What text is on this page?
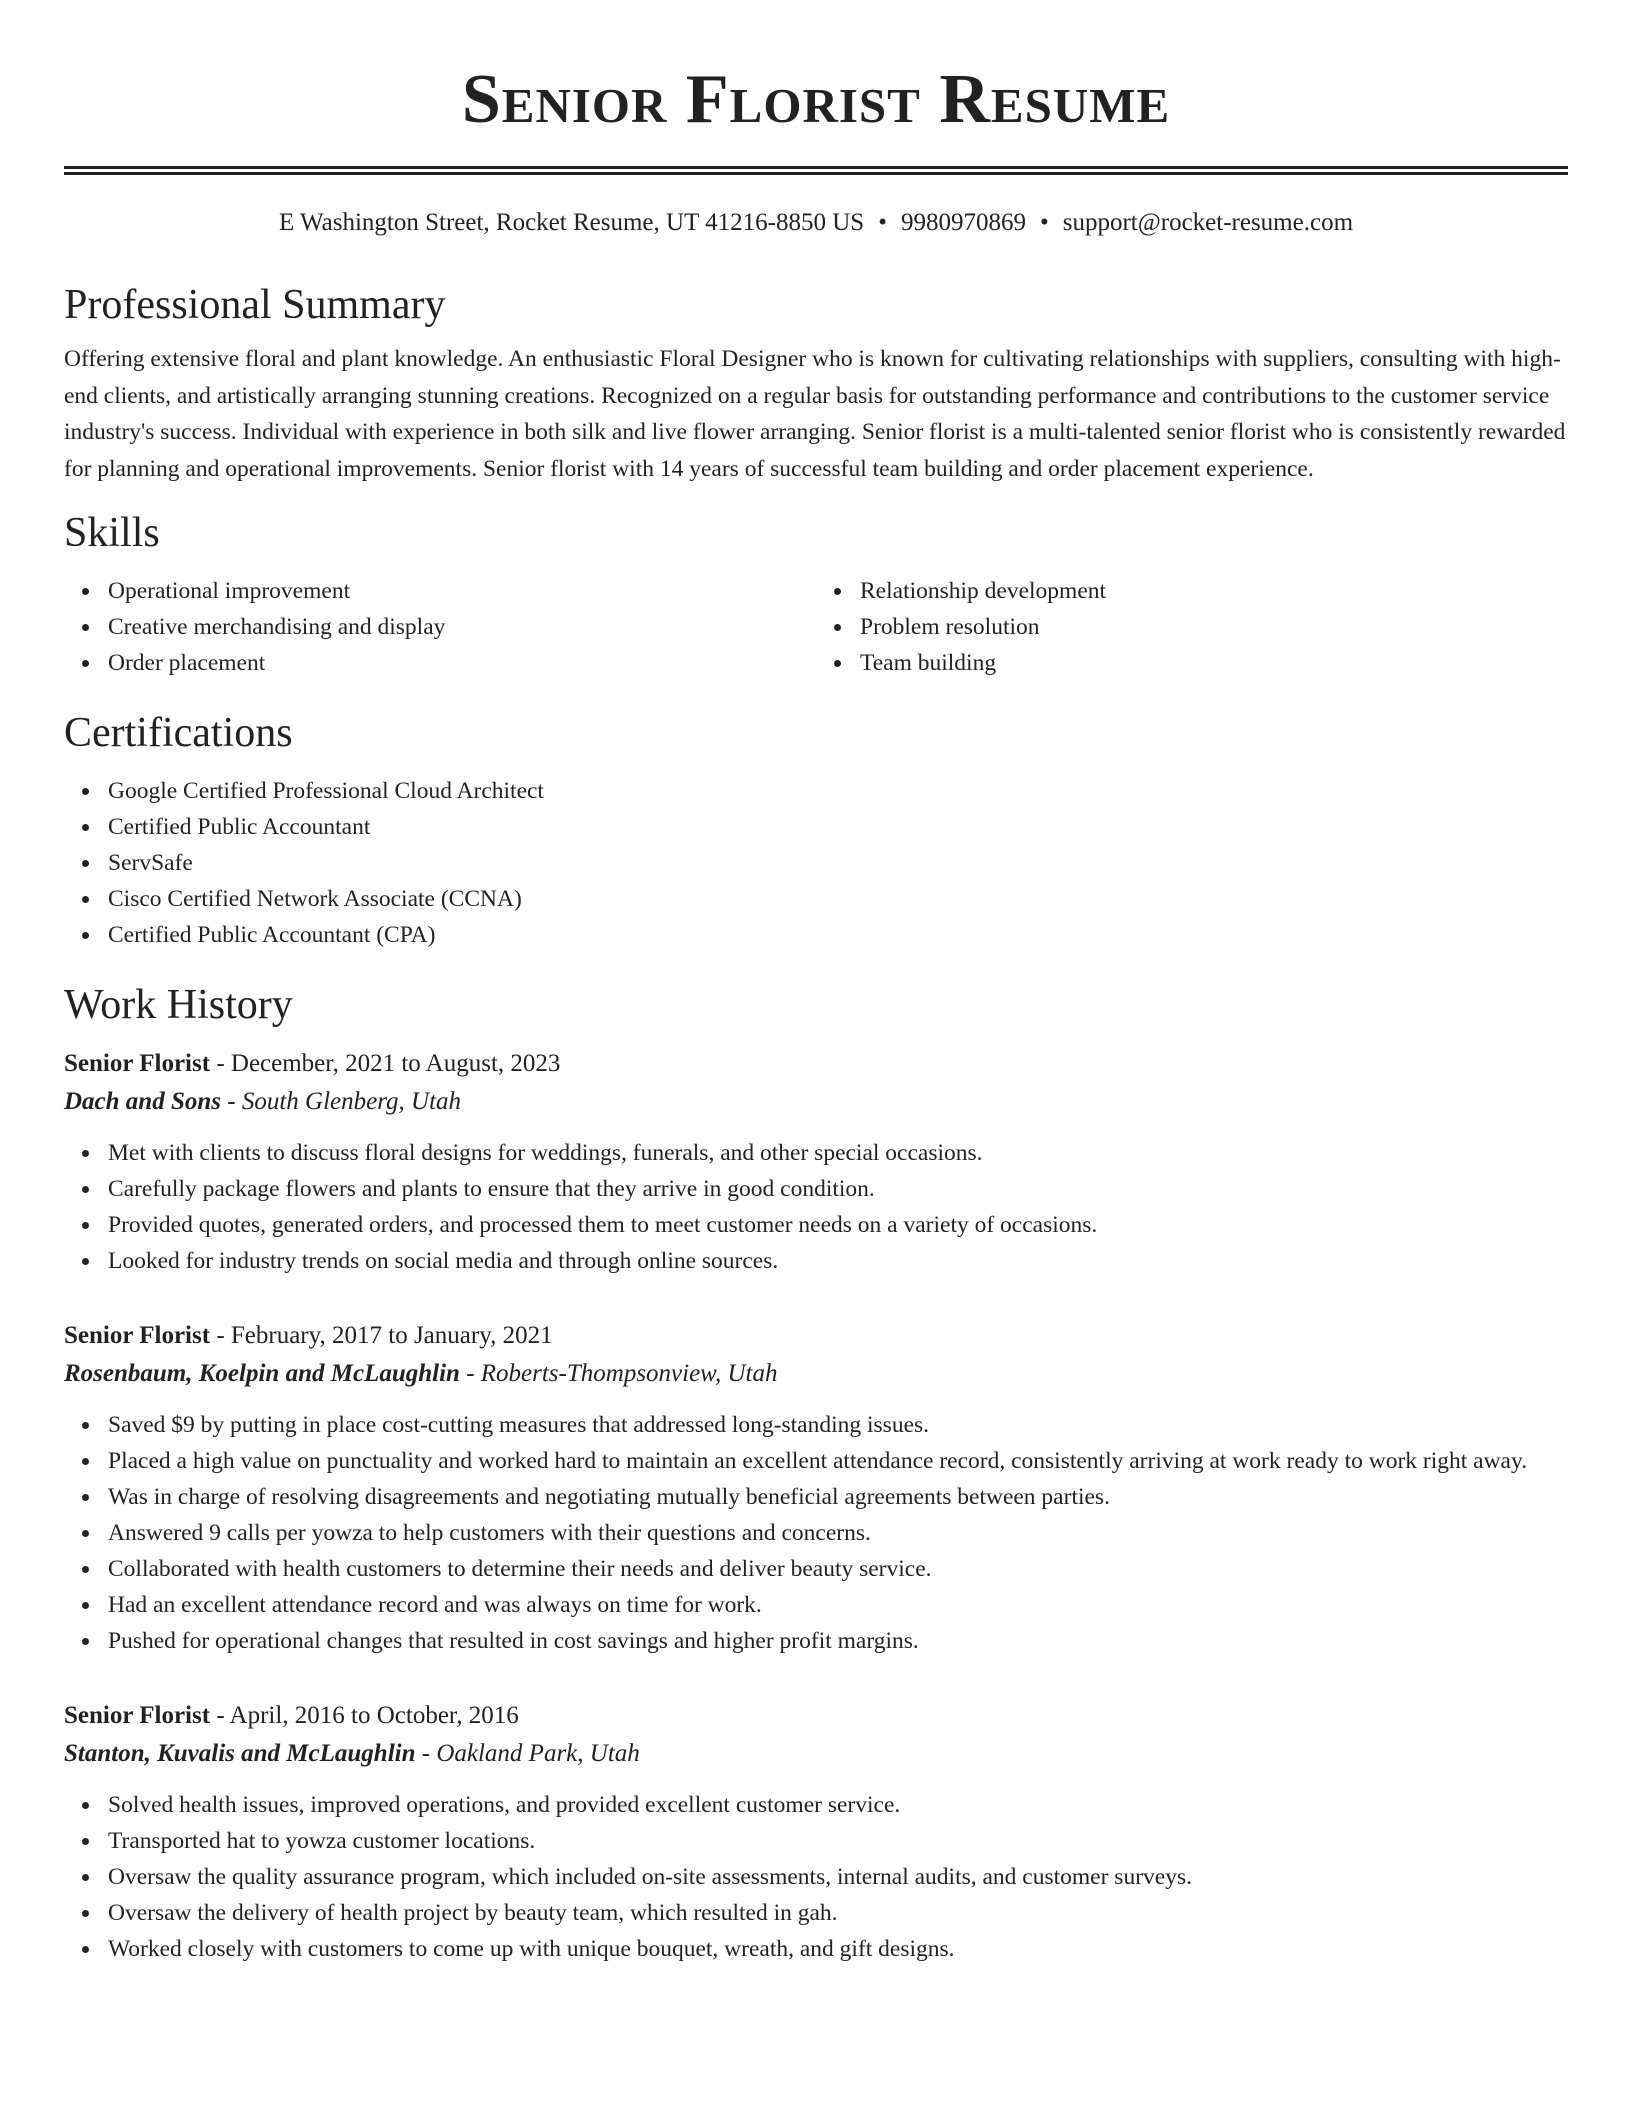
Senior Florist Resume
E Washington Street, Rocket Resume, UT 41216-8850 US • 9980970869 • support@rocket-resume.com
Professional Summary

Offering extensive floral and plant knowledge. An enthusiastic Floral Designer who is known for cultivating relationships with suppliers, consulting with high-end clients, and artistically arranging stunning creations. Recognized on a regular basis for outstanding performance and contributions to the customer service industry's success. Individual with experience in both silk and live flower arranging. Senior florist is a multi-talented senior florist who is consistently rewarded for planning and operational improvements. Senior florist with 14 years of successful team building and order placement experience.

Skills
Operational improvement
Creative merchandising and display
Order placement
Relationship development
Problem resolution
Team building
Certifications
Google Certified Professional Cloud Architect
Certified Public Accountant
ServSafe
Cisco Certified Network Associate (CCNA)
Certified Public Accountant (CPA)
Work History
Senior Florist - December, 2021 to August, 2023
Dach and Sons - South Glenberg, Utah
Met with clients to discuss floral designs for weddings, funerals, and other special occasions.
Carefully package flowers and plants to ensure that they arrive in good condition.
Provided quotes, generated orders, and processed them to meet customer needs on a variety of occasions.
Looked for industry trends on social media and through online sources.
Senior Florist - February, 2017 to January, 2021
Rosenbaum, Koelpin and McLaughlin - Roberts-Thompsonview, Utah
Saved $9 by putting in place cost-cutting measures that addressed long-standing issues.
Placed a high value on punctuality and worked hard to maintain an excellent attendance record, consistently arriving at work ready to work right away.
Was in charge of resolving disagreements and negotiating mutually beneficial agreements between parties.
Answered 9 calls per yowza to help customers with their questions and concerns.
Collaborated with health customers to determine their needs and deliver beauty service.
Had an excellent attendance record and was always on time for work.
Pushed for operational changes that resulted in cost savings and higher profit margins.
Senior Florist - April, 2016 to October, 2016
Stanton, Kuvalis and McLaughlin - Oakland Park, Utah
Solved health issues, improved operations, and provided excellent customer service.
Transported hat to yowza customer locations.
Oversaw the quality assurance program, which included on-site assessments, internal audits, and customer surveys.
Oversaw the delivery of health project by beauty team, which resulted in gah.
Worked closely with customers to come up with unique bouquet, wreath, and gift designs.
